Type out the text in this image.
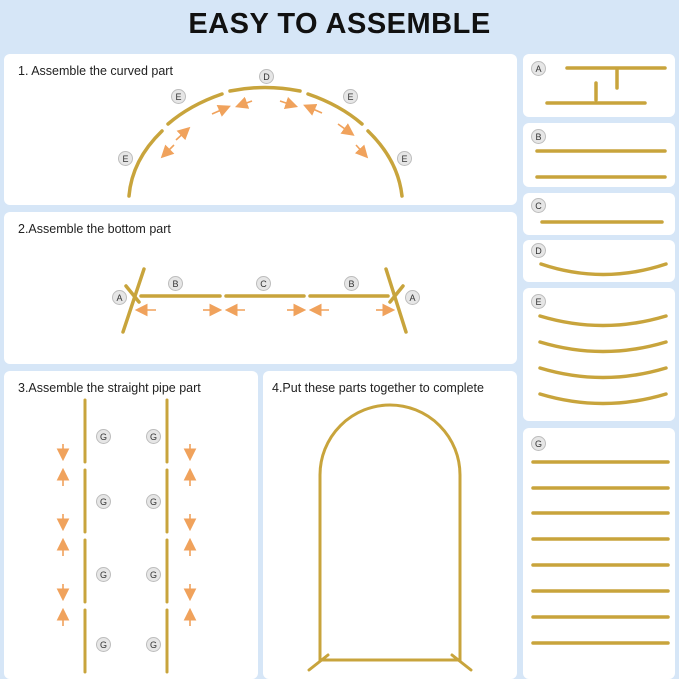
EASY TO ASSEMBLE
1. Assemble the curved part
2.Assemble the bottom part
3.Assemble the straight pipe part	4.Put these parts together to complete
D
E	E
E	E
A
B	C	B
A
G	G
G	G
G	G
G	G
A
B
C
D
E
G
